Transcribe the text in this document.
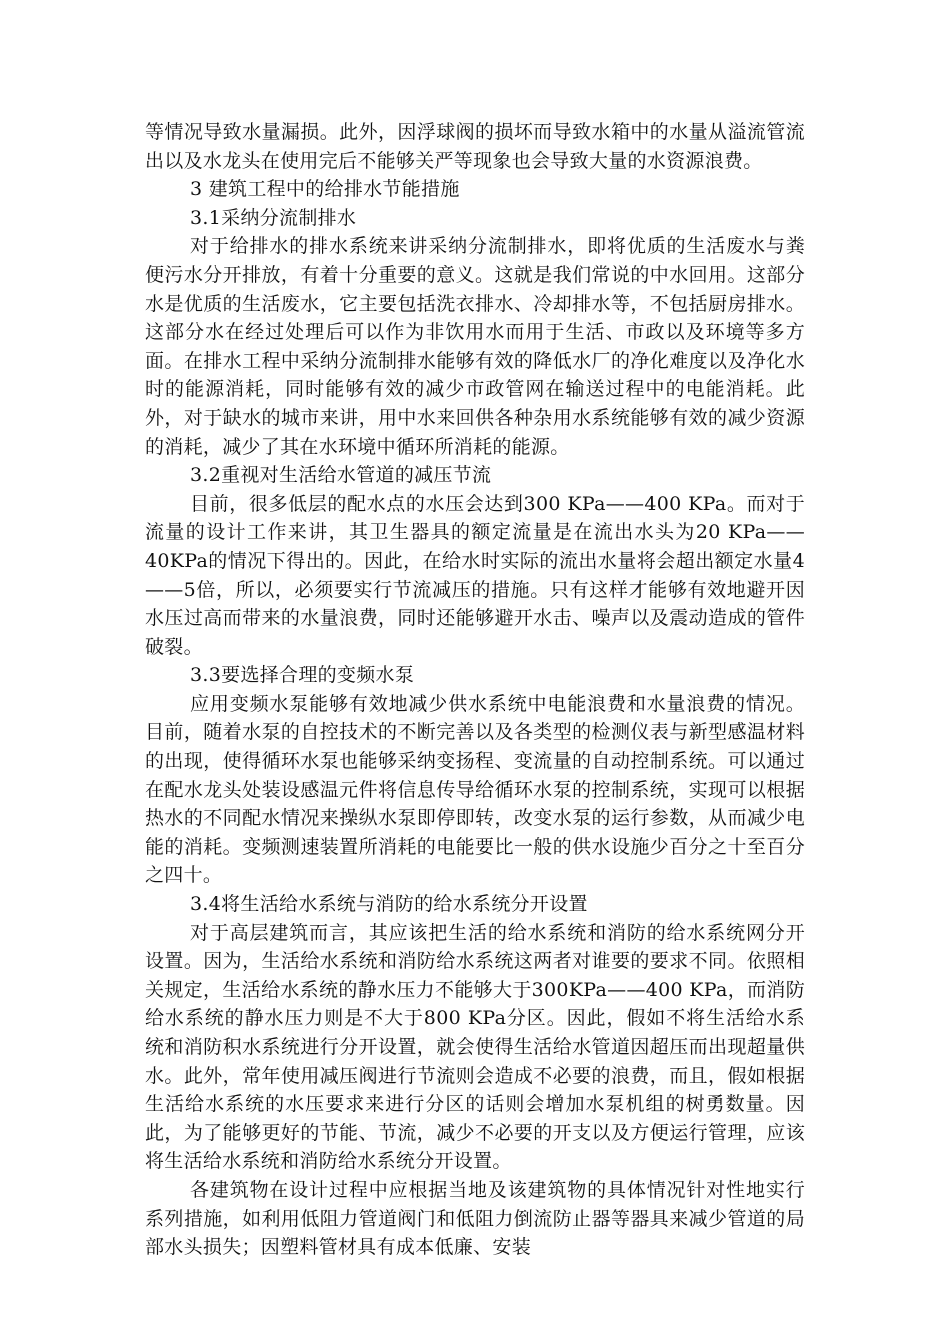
等情况导致水量漏损。此外，因浮球阀的损坏而导致水箱中的水量从溢流管流出以及水龙头在使用完后不能够关严等现象也会导致大量的水资源浪费。

3 建筑工程中的给排水节能措施

3.1采纳分流制排水

对于给排水的排水系统来讲采纳分流制排水，即将优质的生活废水与粪便污水分开排放，有着十分重要的意义。这就是我们常说的中水回用。这部分水是优质的生活废水，它主要包括洗衣排水、冷却排水等，不包括厨房排水。这部分水在经过处理后可以作为非饮用水而用于生活、市政以及环境等多方面。在排水工程中采纳分流制排水能够有效的降低水厂的净化难度以及净化水时的能源消耗，同时能够有效的减少市政管网在输送过程中的电能消耗。此外，对于缺水的城市来讲，用中水来回供各种杂用水系统能够有效的减少资源的消耗，减少了其在水环境中循环所消耗的能源。

3.2重视对生活给水管道的减压节流

目前，很多低层的配水点的水压会达到300 KPa——400 KPa。而对于流量的设计工作来讲，其卫生器具的额定流量是在流出水头为20 KPa——40KPa的情况下得出的。因此，在给水时实际的流出水量将会超出额定水量4——5倍，所以，必须要实行节流减压的措施。只有这样才能够有效地避开因水压过高而带来的水量浪费，同时还能够避开水击、噪声以及震动造成的管件破裂。

3.3要选择合理的变频水泵

应用变频水泵能够有效地减少供水系统中电能浪费和水量浪费的情况。目前，随着水泵的自控技术的不断完善以及各类型的检测仪表与新型感温材料的出现，使得循环水泵也能够采纳变扬程、变流量的自动控制系统。可以通过在配水龙头处装设感温元件将信息传导给循环水泵的控制系统，实现可以根据热水的不同配水情况来操纵水泵即停即转，改变水泵的运行参数，从而减少电能的消耗。变频测速装置所消耗的电能要比一般的供水设施少百分之十至百分之四十。

3.4将生活给水系统与消防的给水系统分开设置

对于高层建筑而言，其应该把生活的给水系统和消防的给水系统网分开设置。因为，生活给水系统和消防给水系统这两者对谁要的要求不同。依照相关规定，生活给水系统的静水压力不能够大于300KPa——400 KPa，而消防给水系统的静水压力则是不大于800 KPa分区。因此，假如不将生活给水系统和消防积水系统进行分开设置，就会使得生活给水管道因超压而出现超量供水。此外，常年使用减压阀进行节流则会造成不必要的浪费，而且，假如根据生活给水系统的水压要求来进行分区的话则会增加水泵机组的树勇数量。因此，为了能够更好的节能、节流，减少不必要的开支以及方便运行管理，应该将生活给水系统和消防给水系统分开设置。

各建筑物在设计过程中应根据当地及该建筑物的具体情况针对性地实行系列措施，如利用低阻力管道阀门和低阻力倒流防止器等器具来减少管道的局部水头损失；因塑料管材具有成本低廉、安装
